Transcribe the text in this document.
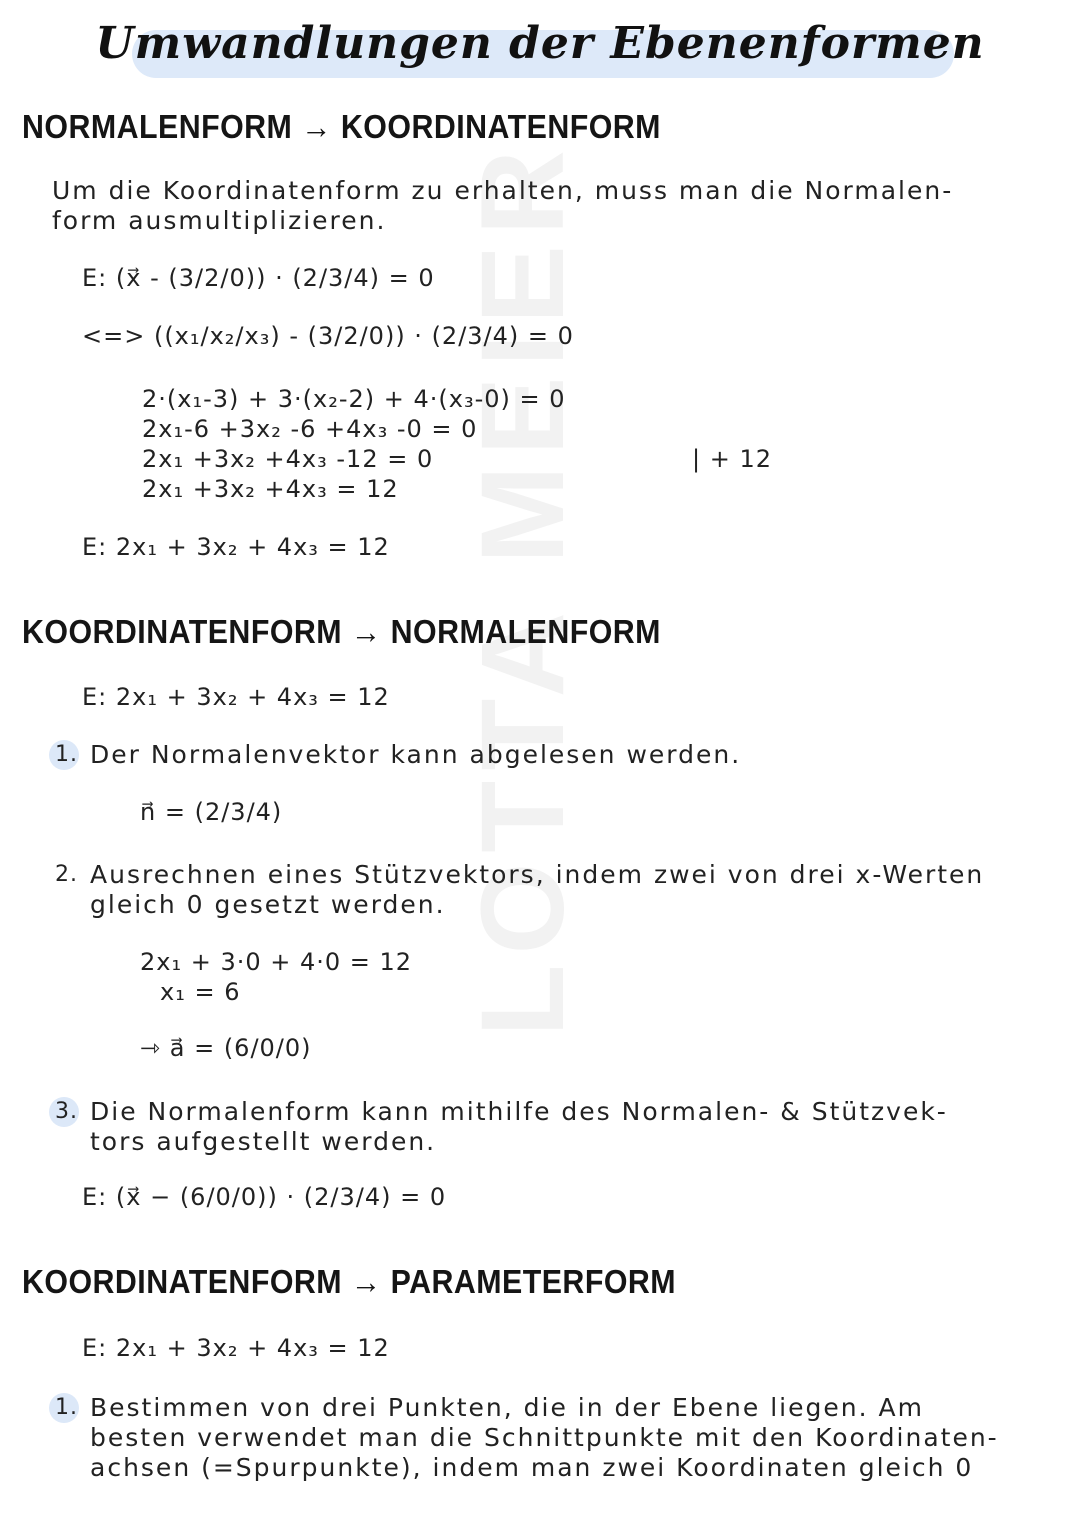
LOTTA MEIER
Umwandlungen der Ebenenformen
NORMALENFORM → KOORDINATENFORM
Um die Koordinatenform zu erhalten, muss man die Normalen-
form ausmultiplizieren.
E: (x⃗ - (3/2/0)) · (2/3/4) = 0
<=> ((x₁/x₂/x₃) - (3/2/0)) · (2/3/4) = 0
2·(x₁-3) + 3·(x₂-2) + 4·(x₃-0) = 0
2x₁-6 +3x₂ -6 +4x₃ -0 = 0
2x₁ +3x₂ +4x₃ -12 = 0	| + 12
2x₁ +3x₂ +4x₃ = 12
E: 2x₁ + 3x₂ + 4x₃ = 12
KOORDINATENFORM → NORMALENFORM
E: 2x₁ + 3x₂ + 4x₃ = 12
1. Der Normalenvektor kann abgelesen werden.
n⃗ = (2/3/4)
2. Ausrechnen eines Stützvektors, indem zwei von drei x-Werten
gleich 0 gesetzt werden.
2x₁ + 3·0 + 4·0 = 12
x₁ = 6
⇾ a⃗ = (6/0/0)
3. Die Normalenform kann mithilfe des Normalen- & Stützvek-
tors aufgestellt werden.
E: (x⃗ − (6/0/0)) · (2/3/4) = 0
KOORDINATENFORM → PARAMETERFORM
E: 2x₁ + 3x₂ + 4x₃ = 12
1. Bestimmen von drei Punkten, die in der Ebene liegen. Am
besten verwendet man die Schnittpunkte mit den Koordinaten-
achsen (=Spurpunkte), indem man zwei Koordinaten gleich 0
